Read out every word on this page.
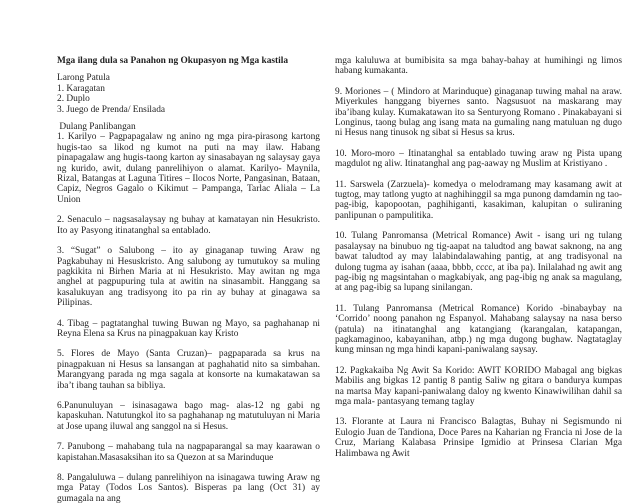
Mga ilang dula sa Panahon ng Okupasyon ng Mga kastila

Larong Patula
1. Karagatan
2. Duplo
3. Juego de Prenda/ Ensilada
Dulang Panlibangan

1. Karilyo – Pagpapagalaw ng anino ng mga pira-pirasong kartong hugis-tao sa likod ng kumot na puti na may ilaw. Habang pinapagalaw ang hugis-taong karton ay sinasabayan ng salaysay gaya ng kurido, awit, dulang panrelihiyon o alamat. Karilyo- Maynila, Rizal, Batangas at Laguna Titires – Ilocos Norte, Pangasinan, Bataan, Capiz, Negros Gagalo o Kikimut – Pampanga, Tarlac Aliala – La Union

2. Senaculo – nagsasalaysay ng buhay at kamatayan nin Hesukristo. Ito ay Pasyong itinatanghal sa entablado.

3. “Sugat” o Salubong – ito ay ginaganap tuwing Araw ng Pagkabuhay ni Hesuskristo. Ang salubong ay tumutukoy sa muling pagkikita ni Birhen Maria at ni Hesukristo. May awitan ng mga anghel at pagpupuring tula at awitin na sinasambit. Hanggang sa kasalukuyan ang tradisyong ito pa rin ay buhay at ginagawa sa Pilipinas.

4. Tibag – pagtatanghal tuwing Buwan ng Mayo, sa paghahanap ni Reyna Elena sa Krus na pinagpakuan kay Kristo

5. Flores de Mayo (Santa Cruzan)– pagpaparada sa krus na pinagpakuan ni Hesus sa lansangan at paghahatid nito sa simbahan. Marangyang parada ng mga sagala at konsorte na kumakatawan sa iba’t ibang tauhan sa bibliya.

6.Panunuluyan – isinasagawa bago mag- alas-12 ng gabi ng kapaskuhan. Natutungkol ito sa paghahanap ng matutuluyan ni Maria at Jose upang iluwal ang sanggol na si Hesus.

7. Panubong – mahabang tula na nagpaparangal sa may kaarawan o kapistahan.Masasaksihan ito sa Quezon at sa Marinduque

8. Pangaluluwa – dulang panrelihiyon na isinagawa tuwing Araw ng mga Patay (Todos Los Santos). Bisperas pa lang (Oct 31) ay gumagala na ang

mga kaluluwa at bumibisita sa mga bahay-bahay at humihingi ng limos habang kumakanta.

9. Moriones – ( Mindoro at Marinduque) ginaganap tuwing mahal na araw. Miyerkules hanggang biyernes santo. Nagsusuot na maskarang may iba’ibang kulay. Kumakatawan ito sa Senturyong Romano . Pinakabayani si Longinus, taong bulag ang isang mata na gumaling nang matuluan ng dugo ni Hesus nang tinusok ng sibat si Hesus sa krus.

10. Moro-moro – Itinatanghal sa entablado tuwing araw ng Pista upang magdulot ng aliw. Itinatanghal ang pag-aaway ng Muslim at Kristiyano .

11. Sarswela (Zarzuela)- komedya o melodramang may kasamang awit at tugtog, may tatlong yugto at naghihinggil sa mga punong damdamin ng tao- pag-ibig, kapopootan, paghihiganti, kasakiman, kalupitan o suliraning panlipunan o pampulitika.

10. Tulang Panromansa (Metrical Romance) Awit - isang uri ng tulang pasalaysay na binubuo ng tig-aapat na taludtod ang bawat saknong, na ang bawat taludtod ay may lalabindalawahing pantig, at ang tradisyonal na dulong tugma ay isahan (aaaa, bbbb, cccc, at iba pa). Inilalahad ng awit ang pag-ibig ng magsintahan o magkabiyak, ang pag-ibig ng anak sa magulang, at ang pag-ibig sa lupang sinilangan.

11. Tulang Panromansa (Metrical Romance) Korido -binabaybay na ‘Corrido’ noong panahon ng Espanyol. Mahabang salaysay na nasa berso (patula) na itinatanghal ang katangiang (karangalan, katapangan, pagkamaginoo, kabayanihan, atbp.) ng mga dugong bughaw. Nagtataglay kung minsan ng mga hindi kapani-paniwalang saysay.

12. Pagkakaiba Ng Awit Sa Korido: AWIT KORIDO Mabagal ang bigkas Mabilis ang bigkas 12 pantig 8 pantig Saliw ng gitara o bandurya kumpas na martsa May kapani-paniwalang daloy ng kwento Kinawiwilihan dahil sa mga mala- pantasyang temang taglay

13. Florante at Laura ni Francisco Balagtas, Buhay ni Segismundo ni Eulogio Juan de Tandiona, Doce Pares na Kaharian ng Francia ni Jose de la Cruz, Mariang Kalabasa Prinsipe Igmidio at Prinsesa Clarian Mga Halimbawa ng Awit
